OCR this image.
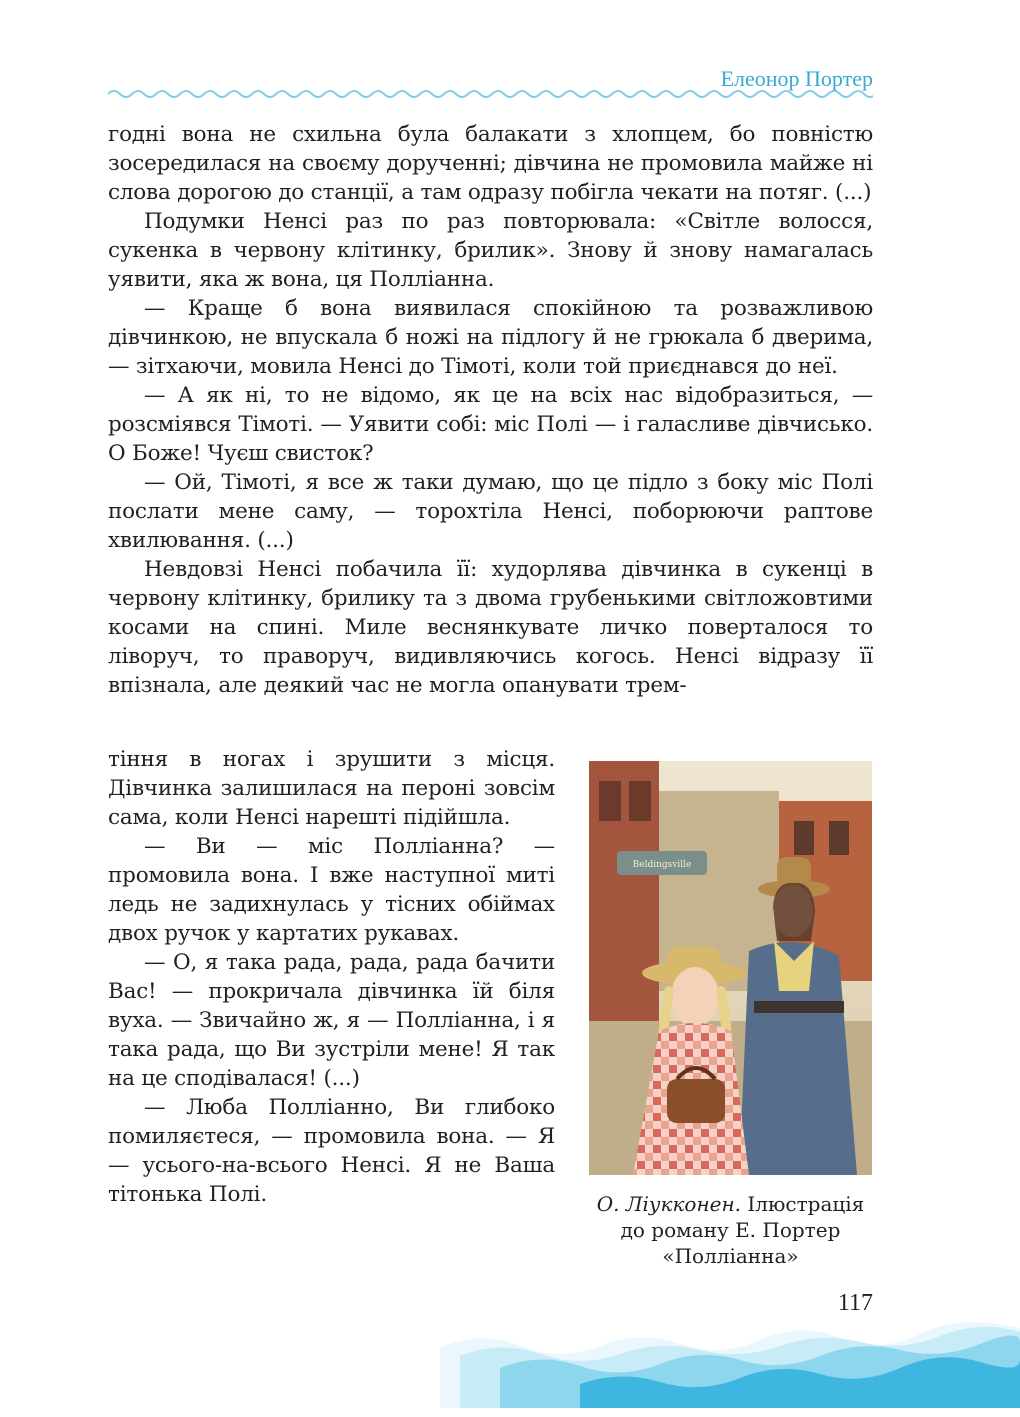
Елеонор Портер

годні вона не схильна була балакати з хлопцем, бо повністю зосередилася на своєму дорученні; дівчина не промовила майже ні слова дорогою до станції, а там одразу побігла чекати на потяг. (...)

Подумки Ненсі раз по раз повторювала: «Світле волосся, сукенка в червону клітинку, брилик». Знову й знову намагалась уявити, яка ж вона, ця Поллiанна.

— Краще б вона виявилася спокійною та розважливою дівчинкою, не впускала б ножі на підлогу й не грюкала б дверима, — зітхаючи, мовила Ненсі до Тімоті, коли той приєднався до неї.

— А як ні, то не відомо, як це на всіх нас відобразиться, — розсміявся Тімоті. — Уявити собі: міс Полі — і галасливе дівчисько. О Боже! Чуєш свисток?

— Ой, Тімоті, я все ж таки думаю, що це підло з боку міс Полі послати мене саму, — торохтіла Ненсі, поборюючи раптове хвилювання. (...)

Невдовзі Ненсі побачила її: худорлява дівчинка в сукенці в червону клітинку, брилику та з двома грубенькими світложовтими косами на спині. Миле веснянкувате личко поверталося то ліворуч, то праворуч, видивляючись когось. Ненсі відразу її впізнала, але деякий час не могла опанувати трем-

тіння в ногах і зрушити з місця. Дівчинка залишилася на пероні зовсім сама, коли Ненсі нарешті підійшла.

— Ви — міс Поллiанна? — промовила вона. І вже наступної миті ледь не задихнулась у тісних обіймах двох ручок у картатих рукавах.

— О, я така рада, рада, рада бачити Вас! — прокричала дівчинка їй біля вуха. — Звичайно ж, я — Поллiанна, і я така рада, що Ви зустріли мене! Я так на це сподівалася! (...)

— Люба Поллiанно, Ви глибоко помиляєтеся, — промовила вона. — Я — усього-на-всього Ненсі. Я не Ваша тітонька Полі.

Beldingsville
О. Ліукконен. Ілюстрація
до роману Е. Портер
«Поллiанна»
117
